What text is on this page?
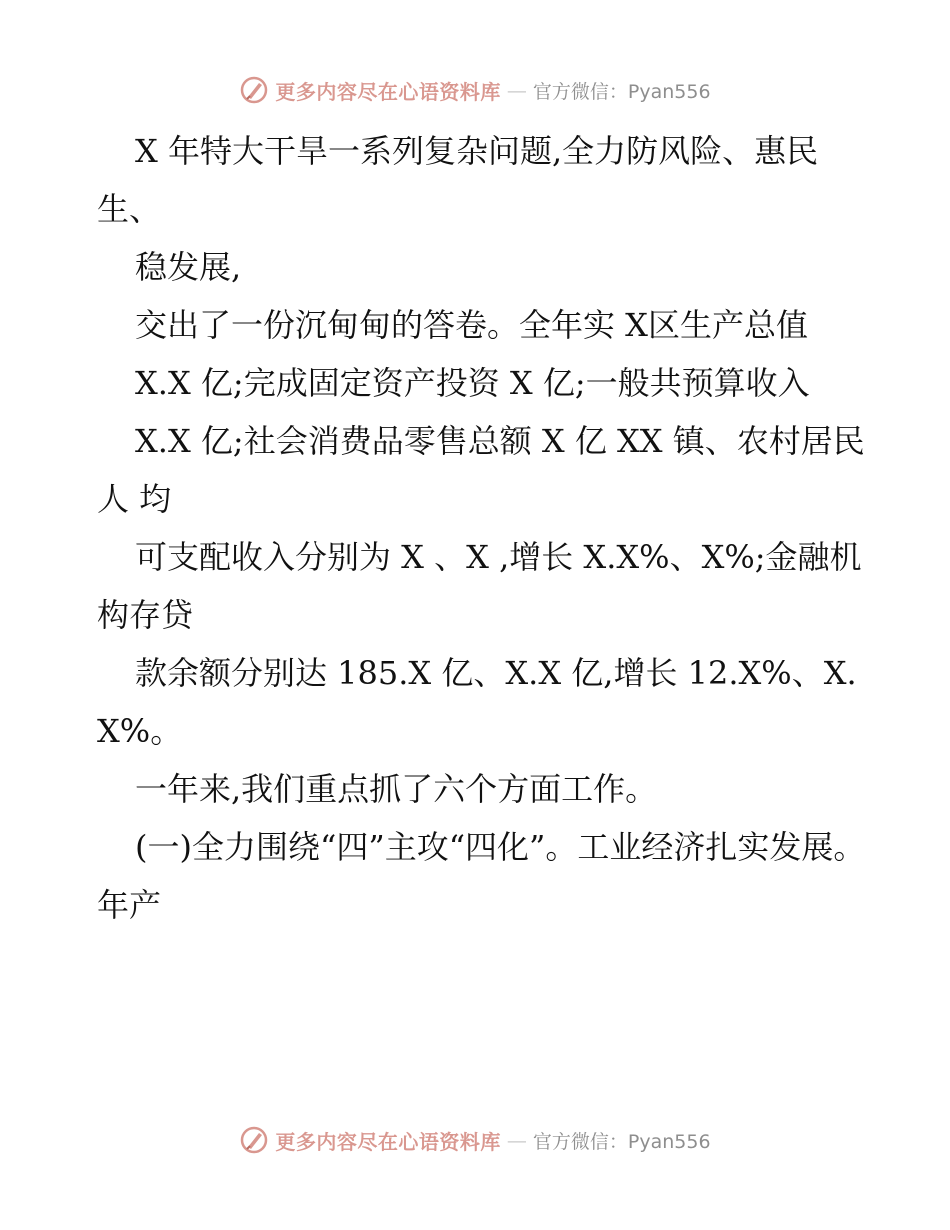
更多内容尽在心语资料库 — 官方微信：Pyan556

X 年特大干旱一系列复杂问题,全力防风险、惠民生、

稳发展,

交出了一份沉甸甸的答卷。全年实 X区生产总值

X.X 亿;完成固定资产投资 X 亿;一般共预算收入

X.X 亿;社会消费品零售总额 X 亿 XX 镇、农村居民人 均

可支配收入分别为 X 、X ,增长 X.X%、X%;金融机构存贷

款余额分别达 185.X 亿、X.X 亿,增长 12.X%、X.X%。

一年来,我们重点抓了六个方面工作。

(一)全力围绕“四”主攻“四化”。工业经济扎实发展。年产

更多内容尽在心语资料库 — 官方微信：Pyan556
